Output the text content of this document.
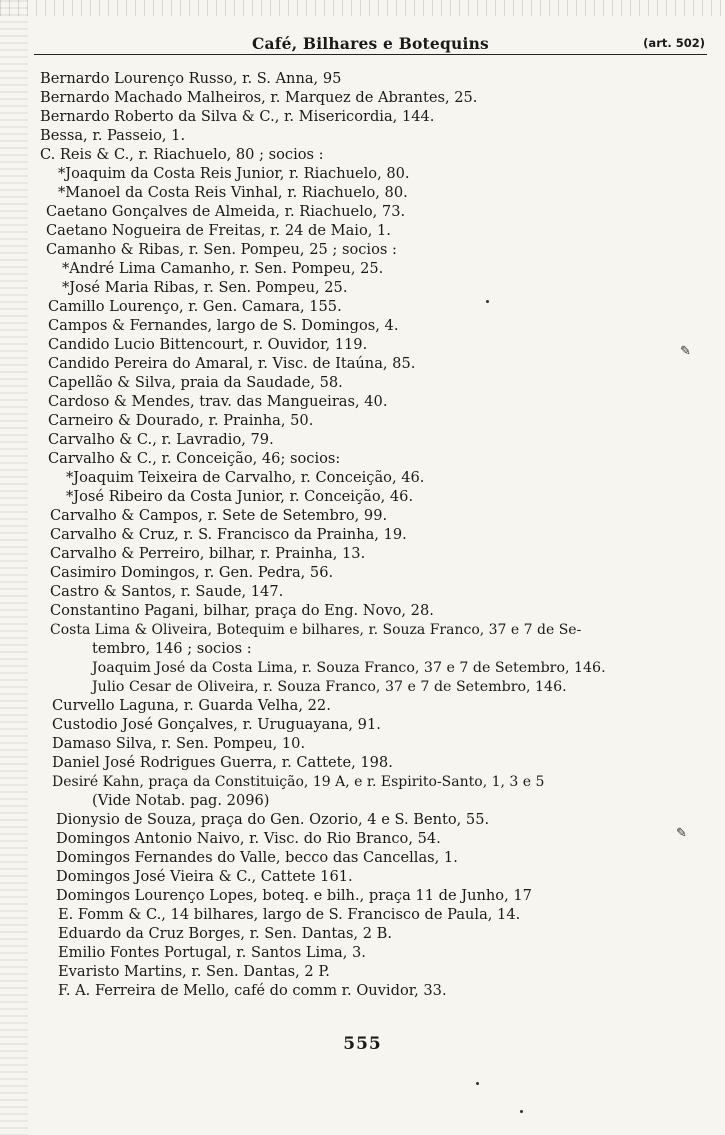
Café, Bilhares e Botequins	(art. 502)
Bernardo Lourenço Russo, r. S. Anna, 95
Bernardo Machado Malheiros, r. Marquez de Abrantes, 25.
Bernardo Roberto da Silva & C., r. Misericordia, 144.
Bessa, r. Passeio, 1.
C. Reis & C., r. Riachuelo, 80 ; socios :
*Joaquim da Costa Reis Junior, r. Riachuelo, 80.
*Manoel da Costa Reis Vinhal, r. Riachuelo, 80.
Caetano Gonçalves de Almeida, r. Riachuelo, 73.
Caetano Nogueira de Freitas, r. 24 de Maio, 1.
Camanho & Ribas, r. Sen. Pompeu, 25 ; socios :
*André Lima Camanho, r. Sen. Pompeu, 25.
*José Maria Ribas, r. Sen. Pompeu, 25.
Camillo Lourenço, r. Gen. Camara, 155.
Campos & Fernandes, largo de S. Domingos, 4.
Candido Lucio Bittencourt, r. Ouvidor, 119.
Candido Pereira do Amaral, r. Visc. de Itaúna, 85.
Capellão & Silva, praia da Saudade, 58.
Cardoso & Mendes, trav. das Mangueiras, 40.
Carneiro & Dourado, r. Prainha, 50.
Carvalho & C., r. Lavradio, 79.
Carvalho & C., r. Conceição, 46; socios:
*Joaquim Teixeira de Carvalho, r. Conceição, 46.
*José Ribeiro da Costa Junior, r. Conceição, 46.
Carvalho & Campos, r. Sete de Setembro, 99.
Carvalho & Cruz, r. S. Francisco da Prainha, 19.
Carvalho & Perreiro, bilhar, r. Prainha, 13.
Casimiro Domingos, r. Gen. Pedra, 56.
Castro & Santos, r. Saude, 147.
Constantino Pagani, bilhar, praça do Eng. Novo, 28.
Costa Lima & Oliveira, Botequim e bilhares, r. Souza Franco, 37 e 7 de Se-
tembro, 146 ; socios :
Joaquim José da Costa Lima, r. Souza Franco, 37 e 7 de Setembro, 146.
Julio Cesar de Oliveira, r. Souza Franco, 37 e 7 de Setembro, 146.
Curvello Laguna, r. Guarda Velha, 22.
Custodio José Gonçalves, r. Uruguayana, 91.
Damaso Silva, r. Sen. Pompeu, 10.
Daniel José Rodrigues Guerra, r. Cattete, 198.
Desiré Kahn, praça da Constituição, 19 A, e r. Espirito-Santo, 1, 3 e 5
(Vide Notab. pag. 2096)
Dionysio de Souza, praça do Gen. Ozorio, 4 e S. Bento, 55.
Domingos Antonio Naivo, r. Visc. do Rio Branco, 54.
Domingos Fernandes do Valle, becco das Cancellas, 1.
Domingos José Vieira & C., Cattete 161.
Domingos Lourenço Lopes, boteq. e bilh., praça 11 de Junho, 17
E. Fomm & C., 14 bilhares, largo de S. Francisco de Paula, 14.
Eduardo da Cruz Borges, r. Sen. Dantas, 2 B.
Emilio Fontes Portugal, r. Santos Lima, 3.
Evaristo Martins, r. Sen. Dantas, 2 P.
F. A. Ferreira de Mello, café do comm r. Ouvidor, 33.
✎
✎
555
